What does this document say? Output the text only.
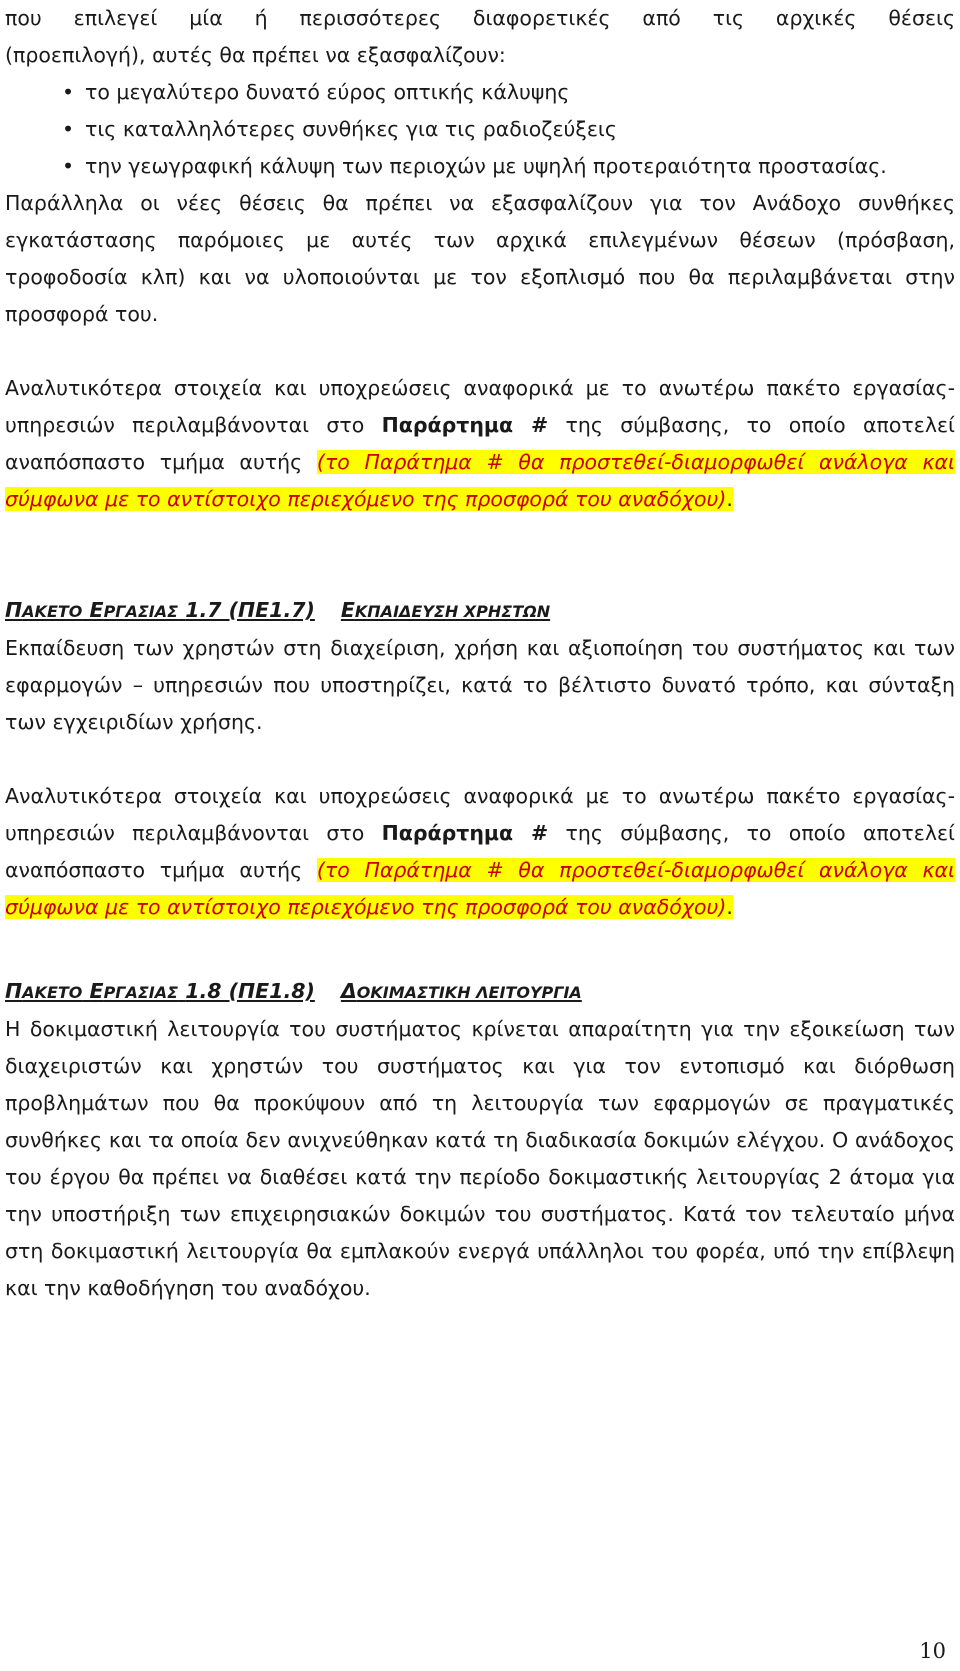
που επιλεγεί μία ή περισσότερες διαφορετικές από τις αρχικές θέσεις

(προεπιλογή), αυτές θα πρέπει να εξασφαλίζουν:

• το μεγαλύτερο δυνατό εύρος οπτικής κάλυψης
• τις καταλληλότερες συνθήκες για τις ραδιοζεύξεις
• την γεωγραφική κάλυψη των περιοχών με υψηλή προτεραιότητα προστασίας.

Παράλληλα οι νέες θέσεις θα πρέπει να εξασφαλίζουν για τον Ανάδοχο συνθήκες εγκατάστασης παρόμοιες με αυτές των αρχικά επιλεγμένων θέσεων (πρόσβαση, τροφοδοσία κλπ) και να υλοποιούνται με τον εξοπλισμό που θα περιλαμβάνεται στην προσφορά του.

Αναλυτικότερα στοιχεία και υποχρεώσεις αναφορικά με το ανωτέρω πακέτο εργασίας-υπηρεσιών περιλαμβάνονται στο Παράρτημα # της σύμβασης, το οποίο αποτελεί αναπόσπαστο τμήμα αυτής (το Παράτημα # θα προστεθεί-διαμορφωθεί ανάλογα και σύμφωνα με το αντίστοιχο περιεχόμενο της προσφορά του αναδόχου).

ΠΑΚΕΤΟ ΕΡΓΑΣΙΑΣ 1.7 (ΠΕ1.7) ΕΚΠΑΙΔΕΥΣΗ ΧΡΗΣΤΩΝ

Εκπαίδευση των χρηστών στη διαχείριση, χρήση και αξιοποίηση του συστήματος και των εφαρμογών – υπηρεσιών που υποστηρίζει, κατά το βέλτιστο δυνατό τρόπο, και σύνταξη των εγχειριδίων χρήσης.

Αναλυτικότερα στοιχεία και υποχρεώσεις αναφορικά με το ανωτέρω πακέτο εργασίας-υπηρεσιών περιλαμβάνονται στο Παράρτημα # της σύμβασης, το οποίο αποτελεί αναπόσπαστο τμήμα αυτής (το Παράτημα # θα προστεθεί-διαμορφωθεί ανάλογα και σύμφωνα με το αντίστοιχο περιεχόμενο της προσφορά του αναδόχου).

ΠΑΚΕΤΟ ΕΡΓΑΣΙΑΣ 1.8 (ΠΕ1.8) ΔΟΚΙΜΑΣΤΙΚΗ ΛΕΙΤΟΥΡΓΙΑ

Η δοκιμαστική λειτουργία του συστήματος κρίνεται απαραίτητη για την εξοικείωση των διαχειριστών και χρηστών του συστήματος και για τον εντοπισμό και διόρθωση προβλημάτων που θα προκύψουν από τη λειτουργία των εφαρμογών σε πραγματικές συνθήκες και τα οποία δεν ανιχνεύθηκαν κατά τη διαδικασία δοκιμών ελέγχου. Ο ανάδοχος του έργου θα πρέπει να διαθέσει κατά την περίοδο δοκιμαστικής λειτουργίας 2 άτομα για την υποστήριξη των επιχειρησιακών δοκιμών του συστήματος. Κατά τον τελευταίο μήνα στη δοκιμαστική λειτουργία θα εμπλακούν ενεργά υπάλληλοι του φορέα, υπό την επίβλεψη και την καθοδήγηση του αναδόχου.

10
